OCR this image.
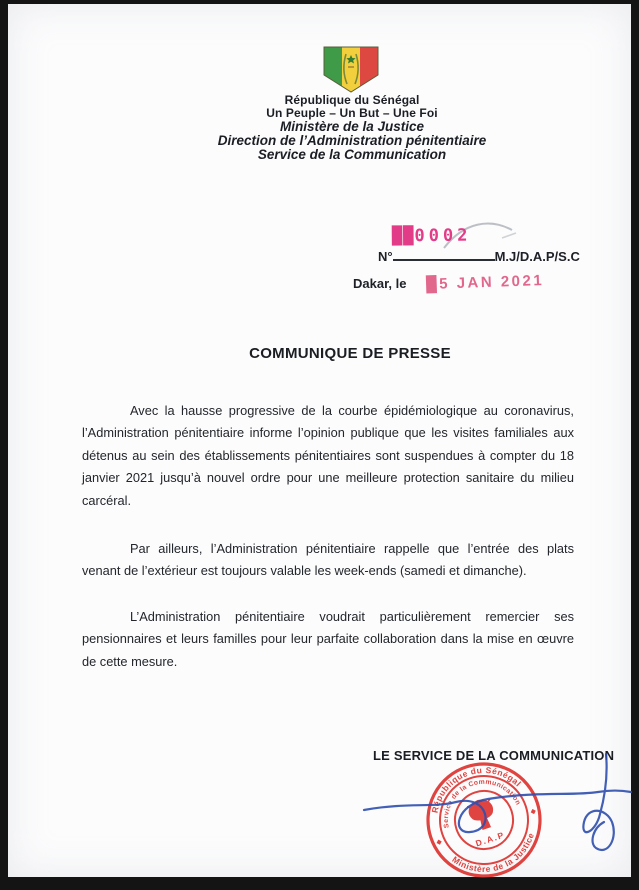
République du Sénégal
Un Peuple – Un But – Une Foi
Ministère de la Justice
Direction de l’Administration pénitentiaire
Service de la Communication
██0002
N°	M.J/D.A.P/S.C
Dakar, le █5 JAN 2021
COMMUNIQUE DE PRESSE

Avec la hausse progressive de la courbe épidémiologique au coronavirus, l’Administration pénitentiaire informe l’opinion publique que les visites familiales aux détenus au sein des établissements pénitentiaires sont suspendues à compter du 18 janvier 2021 jusqu’à nouvel ordre pour une meilleure protection sanitaire du milieu carcéral.

Par ailleurs, l’Administration pénitentiaire rappelle que l’entrée des plats venant de l’extérieur est toujours valable les week-ends (samedi et dimanche).

L’Administration pénitentiaire voudrait particulièrement remercier ses pensionnaires et leurs familles pour leur parfaite collaboration dans la mise en œuvre de cette mesure.

LE SERVICE DE LA COMMUNICATION
République du Sénégal
Ministère de la Justice
Service de la Communication
◆
◆
D.A.P
